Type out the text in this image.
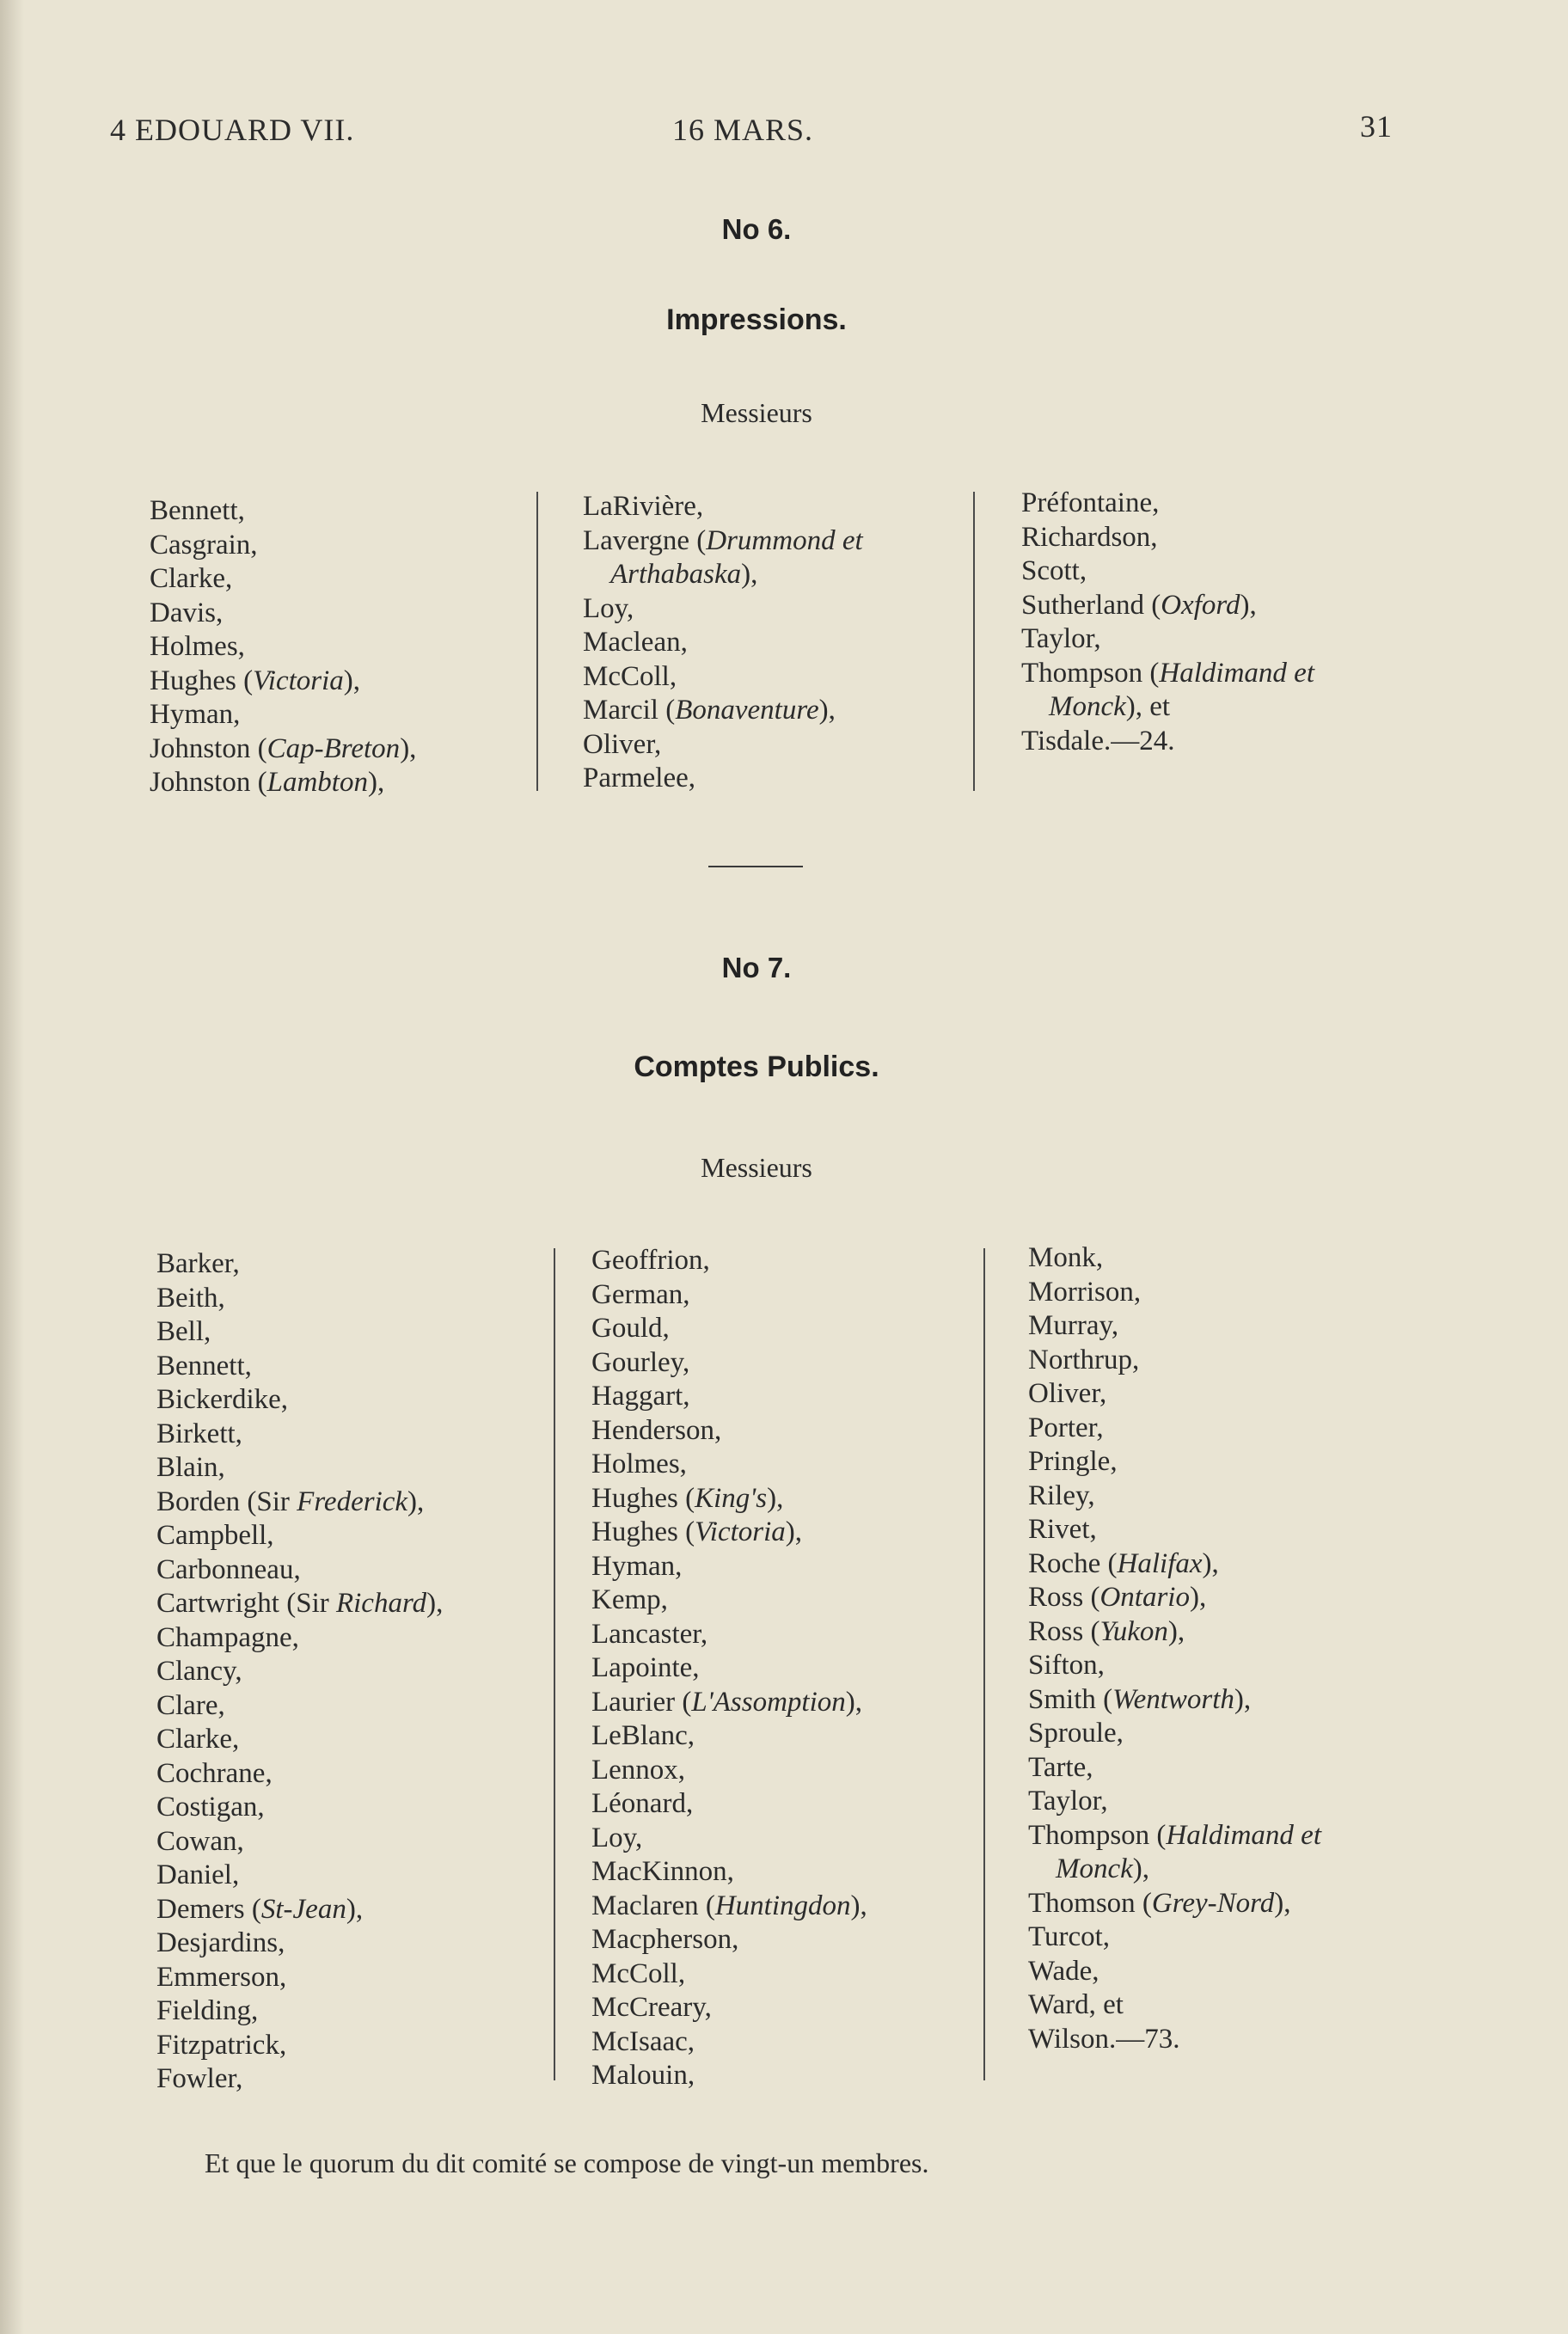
4 EDOUARD VII.	16 MARS.	31
No 6.
Impressions.
Messieurs
Bennett,
Casgrain,
Clarke,
Davis,
Holmes,
Hughes (Victoria),
Hyman,
Johnston (Cap-Breton),
Johnston (Lambton),
LaRivière,
Lavergne (Drummond et
Arthabaska),
Loy,
Maclean,
McColl,
Marcil (Bonaventure),
Oliver,
Parmelee,
Préfontaine,
Richardson,
Scott,
Sutherland (Oxford),
Taylor,
Thompson (Haldimand et
Monck), et
Tisdale.—24.
No 7.
Comptes Publics.
Messieurs
Barker,
Beith,
Bell,
Bennett,
Bickerdike,
Birkett,
Blain,
Borden (Sir Frederick),
Campbell,
Carbonneau,
Cartwright (Sir Richard),
Champagne,
Clancy,
Clare,
Clarke,
Cochrane,
Costigan,
Cowan,
Daniel,
Demers (St-Jean),
Desjardins,
Emmerson,
Fielding,
Fitzpatrick,
Fowler,
Geoffrion,
German,
Gould,
Gourley,
Haggart,
Henderson,
Holmes,
Hughes (King's),
Hughes (Victoria),
Hyman,
Kemp,
Lancaster,
Lapointe,
Laurier (L'Assomption),
LeBlanc,
Lennox,
Léonard,
Loy,
MacKinnon,
Maclaren (Huntingdon),
Macpherson,
McColl,
McCreary,
McIsaac,
Malouin,
Monk,
Morrison,
Murray,
Northrup,
Oliver,
Porter,
Pringle,
Riley,
Rivet,
Roche (Halifax),
Ross (Ontario),
Ross (Yukon),
Sifton,
Smith (Wentworth),
Sproule,
Tarte,
Taylor,
Thompson (Haldimand et
Monck),
Thomson (Grey-Nord),
Turcot,
Wade,
Ward, et
Wilson.—73.
Et que le quorum du dit comité se compose de vingt-un membres.
